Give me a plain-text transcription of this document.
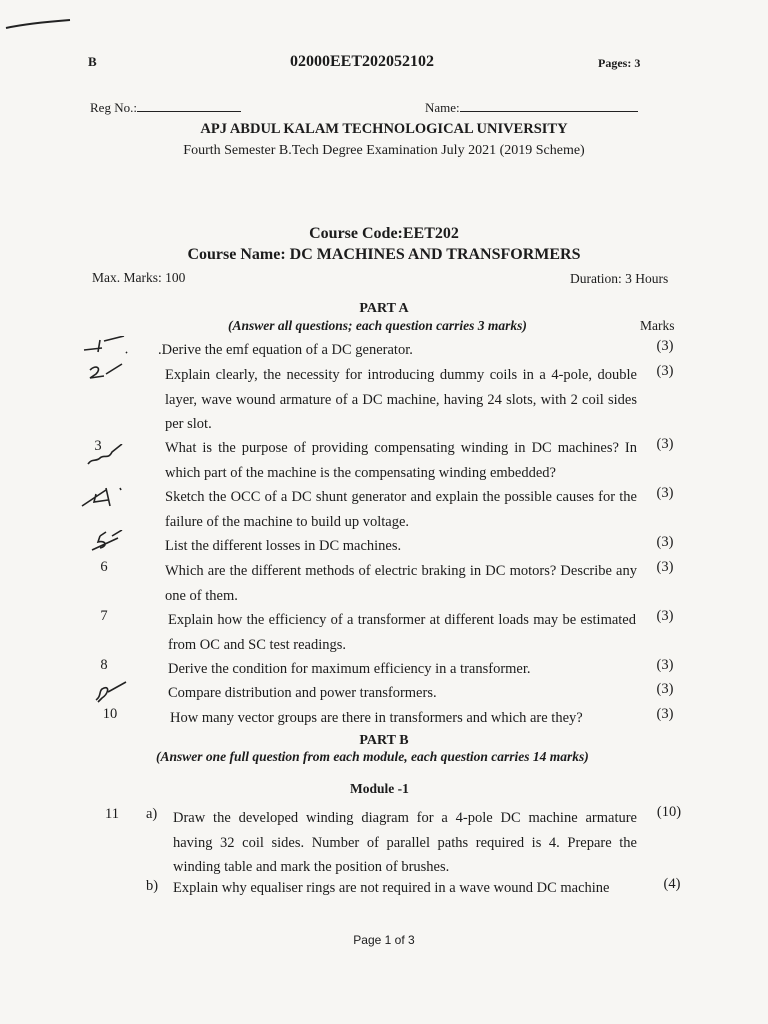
B	02000EET202052102	Pages: 3
Reg No.:	Name:
APJ ABDUL KALAM TECHNOLOGICAL UNIVERSITY
Fourth Semester B.Tech Degree Examination July 2021 (2019 Scheme)
Course Code:EET202
Course Name: DC MACHINES AND TRANSFORMERS
Max. Marks: 100	Duration: 3 Hours
PART A
(Answer all questions; each question carries 3 marks)	Marks
.Derive the emf equation of a DC generator.	(3)
Explain clearly, the necessity for introducing dummy coils in a 4-pole, double layer, wave wound armature of a DC machine, having 24 slots, with 2 coil sides per slot.
(3)
3	What is the purpose of providing compensating winding in DC machines? In which part of the machine is the compensating winding embedded?
(3)
Sketch the OCC of a DC shunt generator and explain the possible causes for the failure of the machine to build up voltage.
(3)
List the different losses in DC machines.	(3)
6	Which are the different methods of electric braking in DC motors? Describe any one of them.
(3)
7	Explain how the efficiency of a transformer at different loads may be estimated from OC and SC test readings.
(3)
8	Derive the condition for maximum efficiency in a transformer.	(3)
Compare distribution and power transformers.	(3)
10	How many vector groups are there in transformers and which are they?	(3)
PART B
(Answer one full question from each module, each question carries 14 marks)
Module -1
11	a) Draw the developed winding diagram for a 4-pole DC machine armature having 32 coil sides. Number of parallel paths required is 4. Prepare the winding table and mark the position of brushes.
(10)
b) Explain why equaliser rings are not required in a wave wound DC machine	(4)
Page 1 of 3
